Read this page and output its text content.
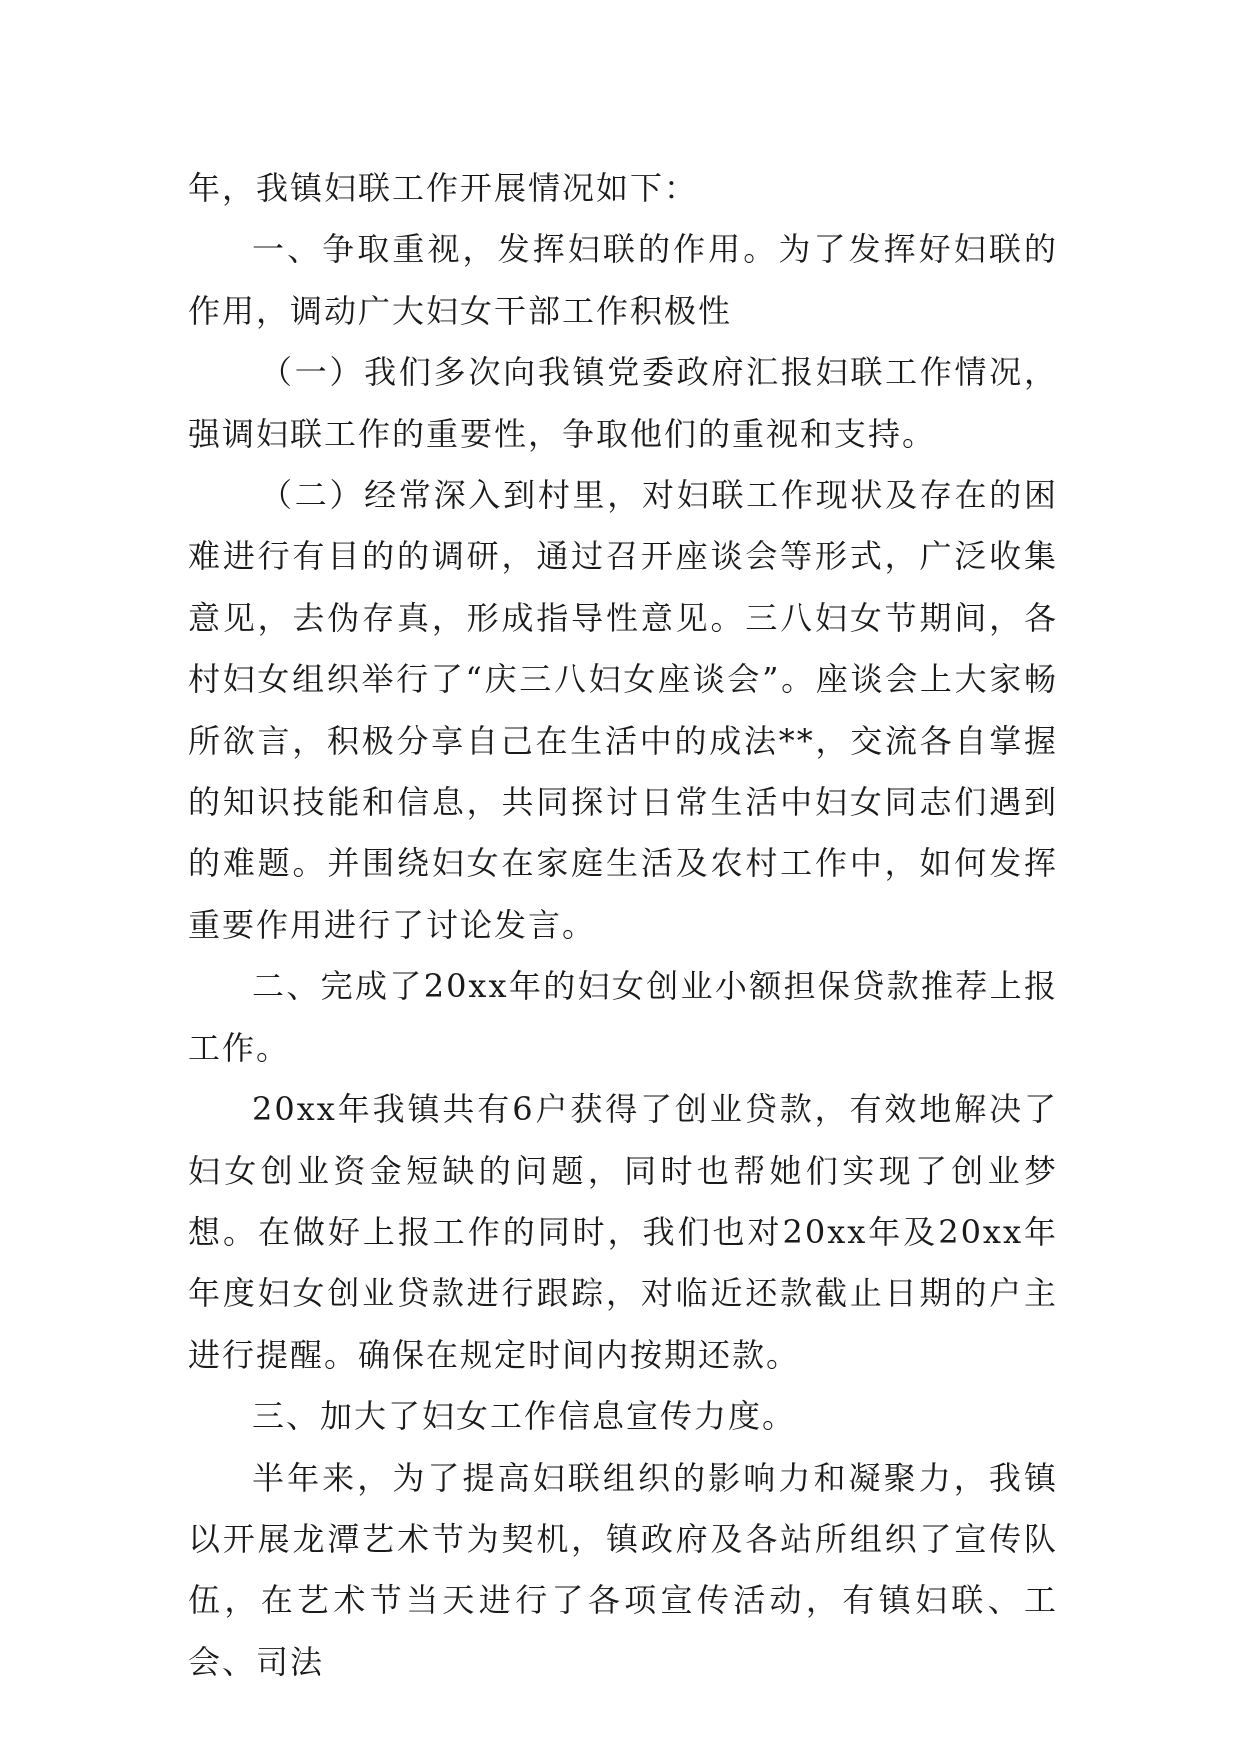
年，我镇妇联工作开展情况如下：

一、争取重视，发挥妇联的作用。为了发挥好妇联的作用，调动广大妇女干部工作积极性

（一）我们多次向我镇党委政府汇报妇联工作情况，强调妇联工作的重要性，争取他们的重视和支持。

（二）经常深入到村里，对妇联工作现状及存在的困难进行有目的的调研，通过召开座谈会等形式，广泛收集意见，去伪存真，形成指导性意见。三八妇女节期间，各村妇女组织举行了“庆三八妇女座谈会”。座谈会上大家畅所欲言，积极分享自己在生活中的成法**，交流各自掌握的知识技能和信息，共同探讨日常生活中妇女同志们遇到的难题。并围绕妇女在家庭生活及农村工作中，如何发挥重要作用进行了讨论发言。

二、完成了20xx年的妇女创业小额担保贷款推荐上报工作。

20xx年我镇共有6户获得了创业贷款，有效地解决了妇女创业资金短缺的问题，同时也帮她们实现了创业梦想。在做好上报工作的同时，我们也对20xx年及20xx年年度妇女创业贷款进行跟踪，对临近还款截止日期的户主进行提醒。确保在规定时间内按期还款。

三、加大了妇女工作信息宣传力度。

半年来，为了提高妇联组织的影响力和凝聚力，我镇以开展龙潭艺术节为契机，镇政府及各站所组织了宣传队伍，在艺术节当天进行了各项宣传活动，有镇妇联、工会、司法
